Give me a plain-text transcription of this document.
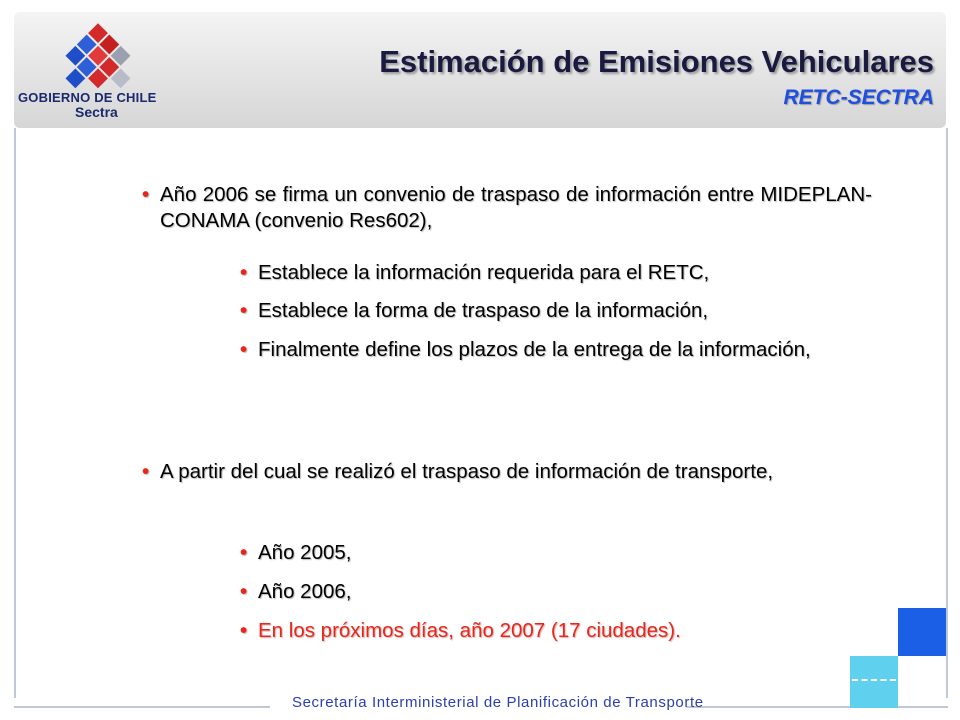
GOBIERNO DE CHILE
Sectra
Estimación de Emisiones Vehiculares
RETC-SECTRA
• Año 2006 se firma un convenio de traspaso de información entre MIDEPLAN-CONAMA (convenio Res602),
• Establece la información requerida para el RETC,
• Establece la forma de traspaso de la información,
• Finalmente define los plazos de la entrega de la información,
• A partir del cual se realizó el traspaso de información de transporte,
• Año 2005,
• Año 2006,
• En los próximos días, año 2007 (17 ciudades).
Secretaría Interministerial de Planificación de Transporte
